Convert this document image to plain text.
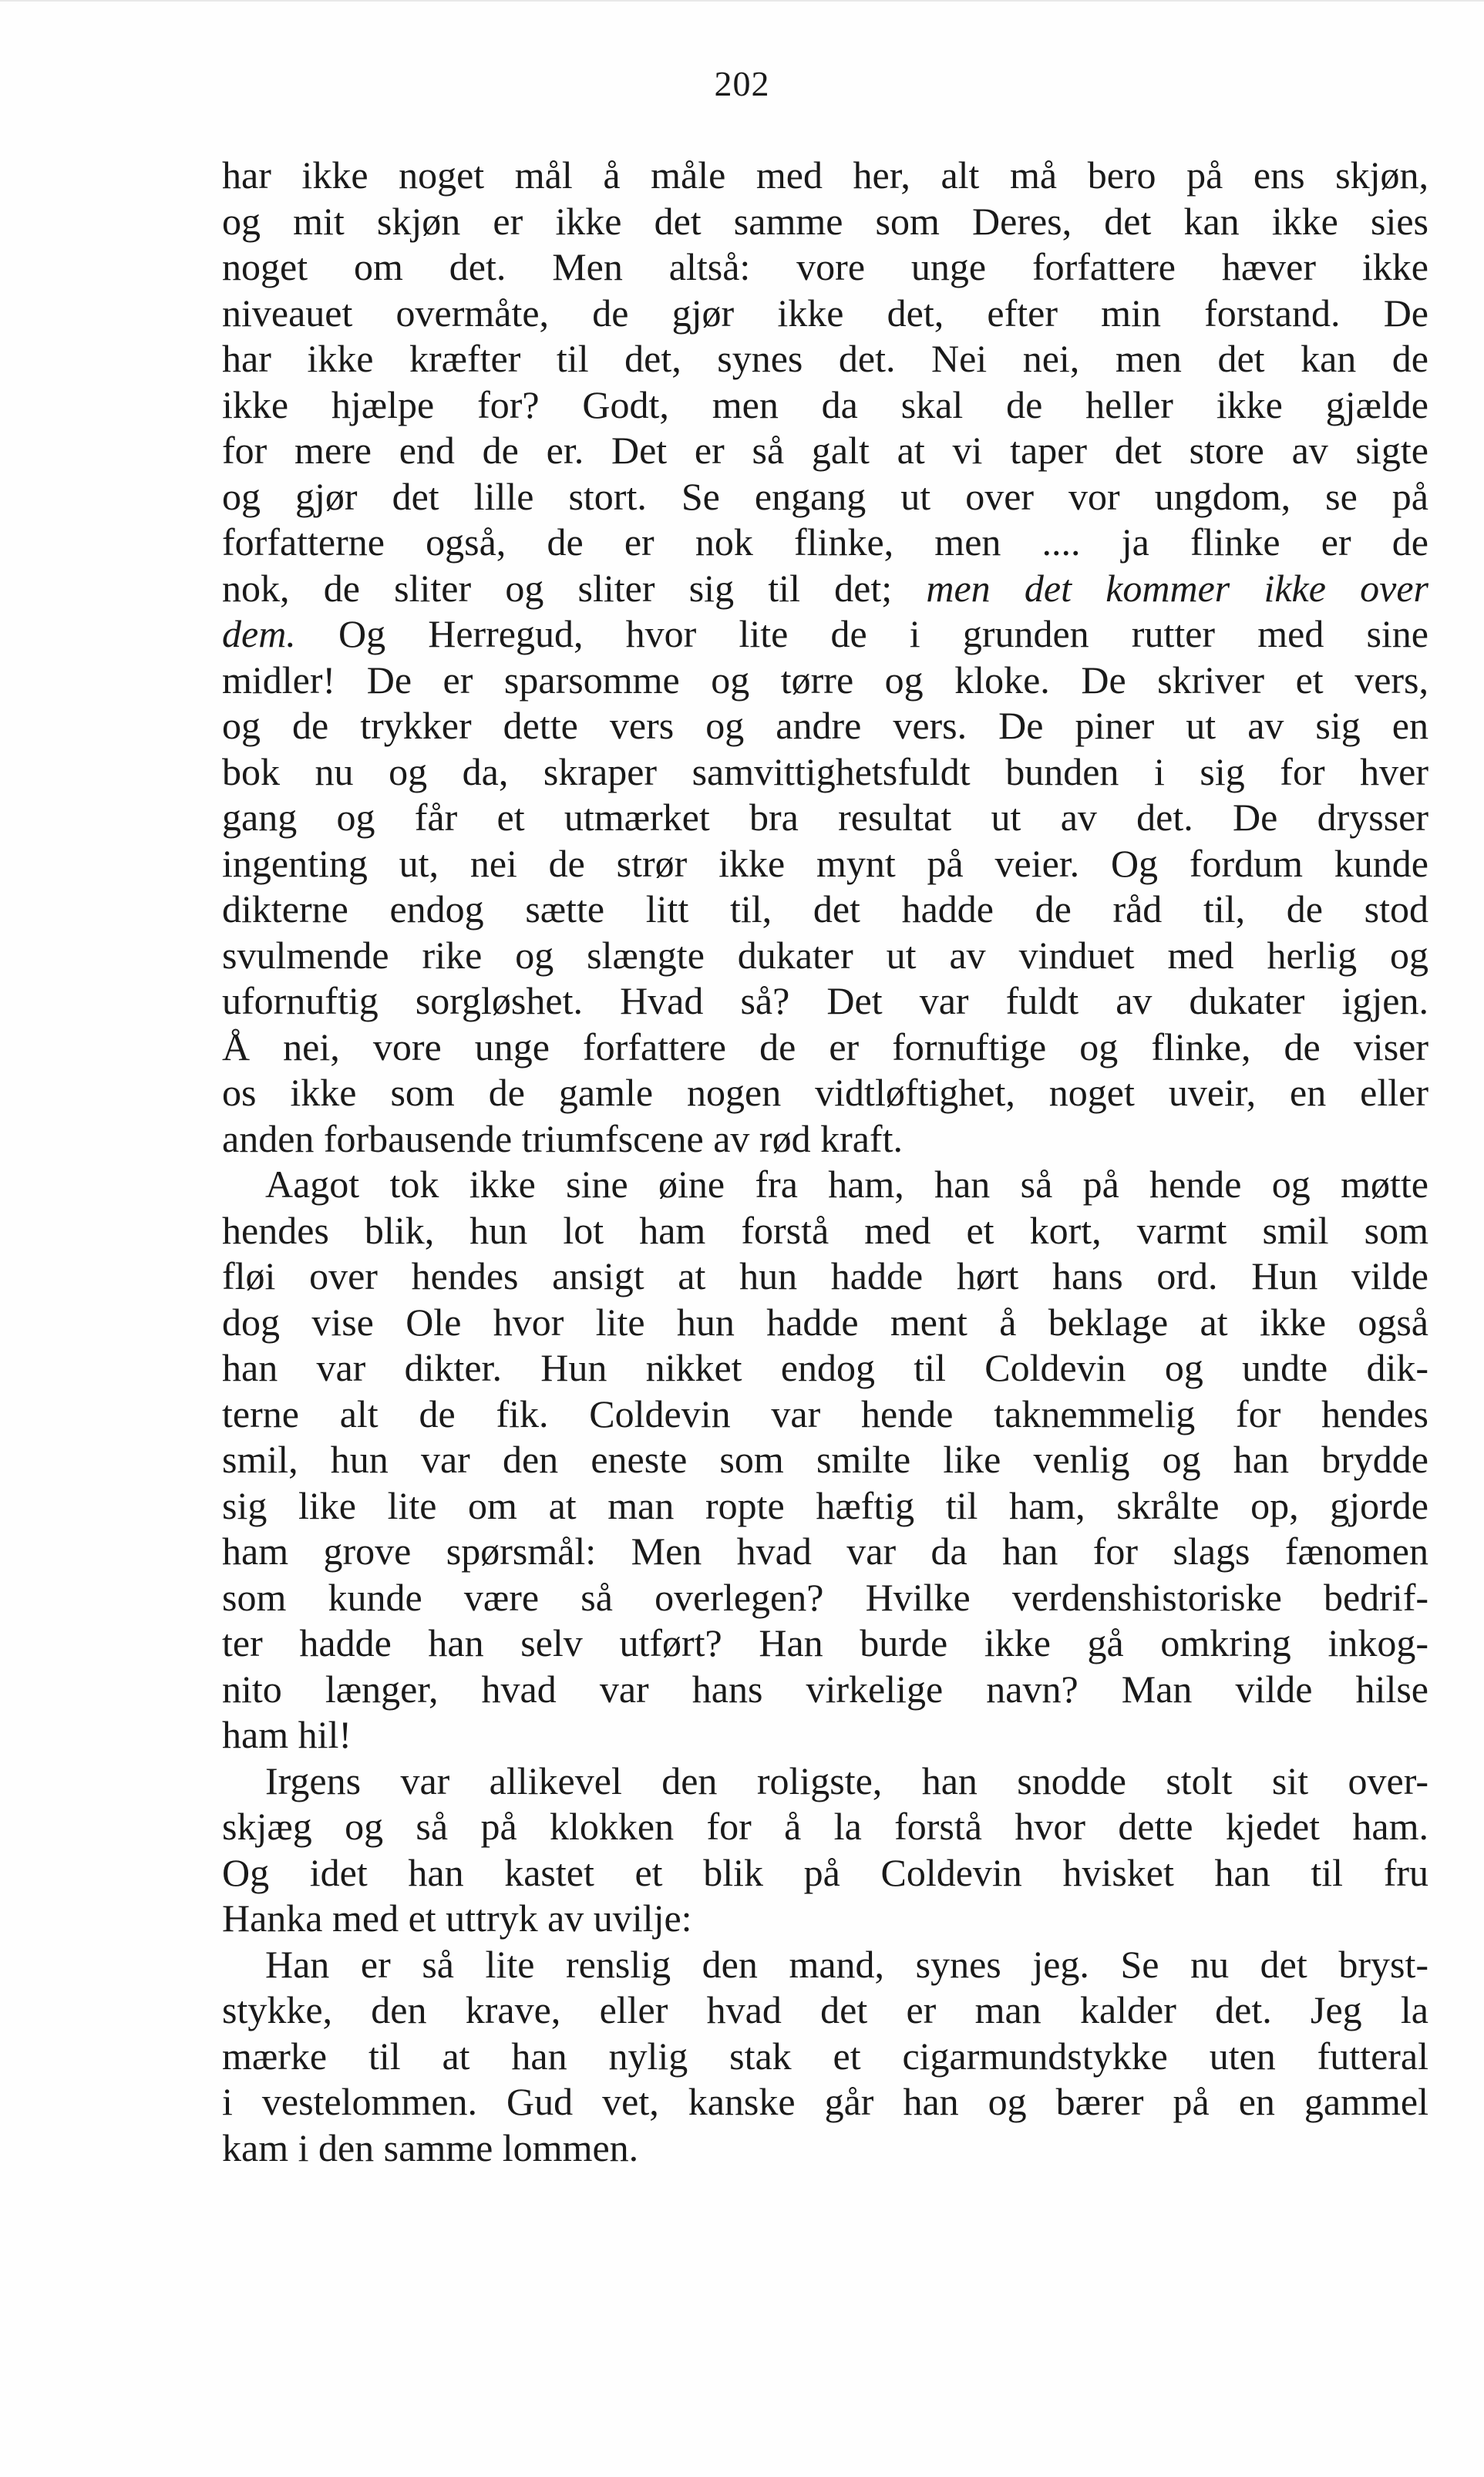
202
har ikke noget mål å måle med her, alt må bero på ens skjøn,
og mit skjøn er ikke det samme som Deres, det kan ikke sies
noget om det. Men altså: vore unge forfattere hæver ikke
niveauet overmåte, de gjør ikke det, efter min forstand. De
har ikke kræfter til det, synes det. Nei nei, men det kan de
ikke hjælpe for? Godt, men da skal de heller ikke gjælde
for mere end de er. Det er så galt at vi taper det store av sigte
og gjør det lille stort. Se engang ut over vor ungdom, se på
forfatterne også, de er nok flinke, men .... ja flinke er de
nok, de sliter og sliter sig til det; men det kommer ikke over
dem. Og Herregud, hvor lite de i grunden rutter med sine
midler! De er sparsomme og tørre og kloke. De skriver et vers,
og de trykker dette vers og andre vers. De piner ut av sig en
bok nu og da, skraper samvittighetsfuldt bunden i sig for hver
gang og får et utmærket bra resultat ut av det. De drysser
ingenting ut, nei de strør ikke mynt på veier. Og fordum kunde
dikterne endog sætte litt til, det hadde de råd til, de stod
svulmende rike og slængte dukater ut av vinduet med herlig og
ufornuftig sorgløshet. Hvad så? Det var fuldt av dukater igjen.
Å nei, vore unge forfattere de er fornuftige og flinke, de viser
os ikke som de gamle nogen vidtløftighet, noget uveir, en eller
anden forbausende triumfscene av rød kraft.
Aagot tok ikke sine øine fra ham, han så på hende og møtte
hendes blik, hun lot ham forstå med et kort, varmt smil som
fløi over hendes ansigt at hun hadde hørt hans ord. Hun vilde
dog vise Ole hvor lite hun hadde ment å beklage at ikke også
han var dikter. Hun nikket endog til Coldevin og undte dik-
terne alt de fik. Coldevin var hende taknemmelig for hendes
smil, hun var den eneste som smilte like venlig og han brydde
sig like lite om at man ropte hæftig til ham, skrålte op, gjorde
ham grove spørsmål: Men hvad var da han for slags fænomen
som kunde være så overlegen? Hvilke verdenshistoriske bedrif-
ter hadde han selv utført? Han burde ikke gå omkring inkog-
nito længer, hvad var hans virkelige navn? Man vilde hilse
ham hil!
Irgens var allikevel den roligste, han snodde stolt sit over-
skjæg og så på klokken for å la forstå hvor dette kjedet ham.
Og idet han kastet et blik på Coldevin hvisket han til fru
Hanka med et uttryk av uvilje:
Han er så lite renslig den mand, synes jeg. Se nu det bryst-
stykke, den krave, eller hvad det er man kalder det. Jeg la
mærke til at han nylig stak et cigarmundstykke uten futteral
i vestelommen. Gud vet, kanske går han og bærer på en gammel
kam i den samme lommen.
